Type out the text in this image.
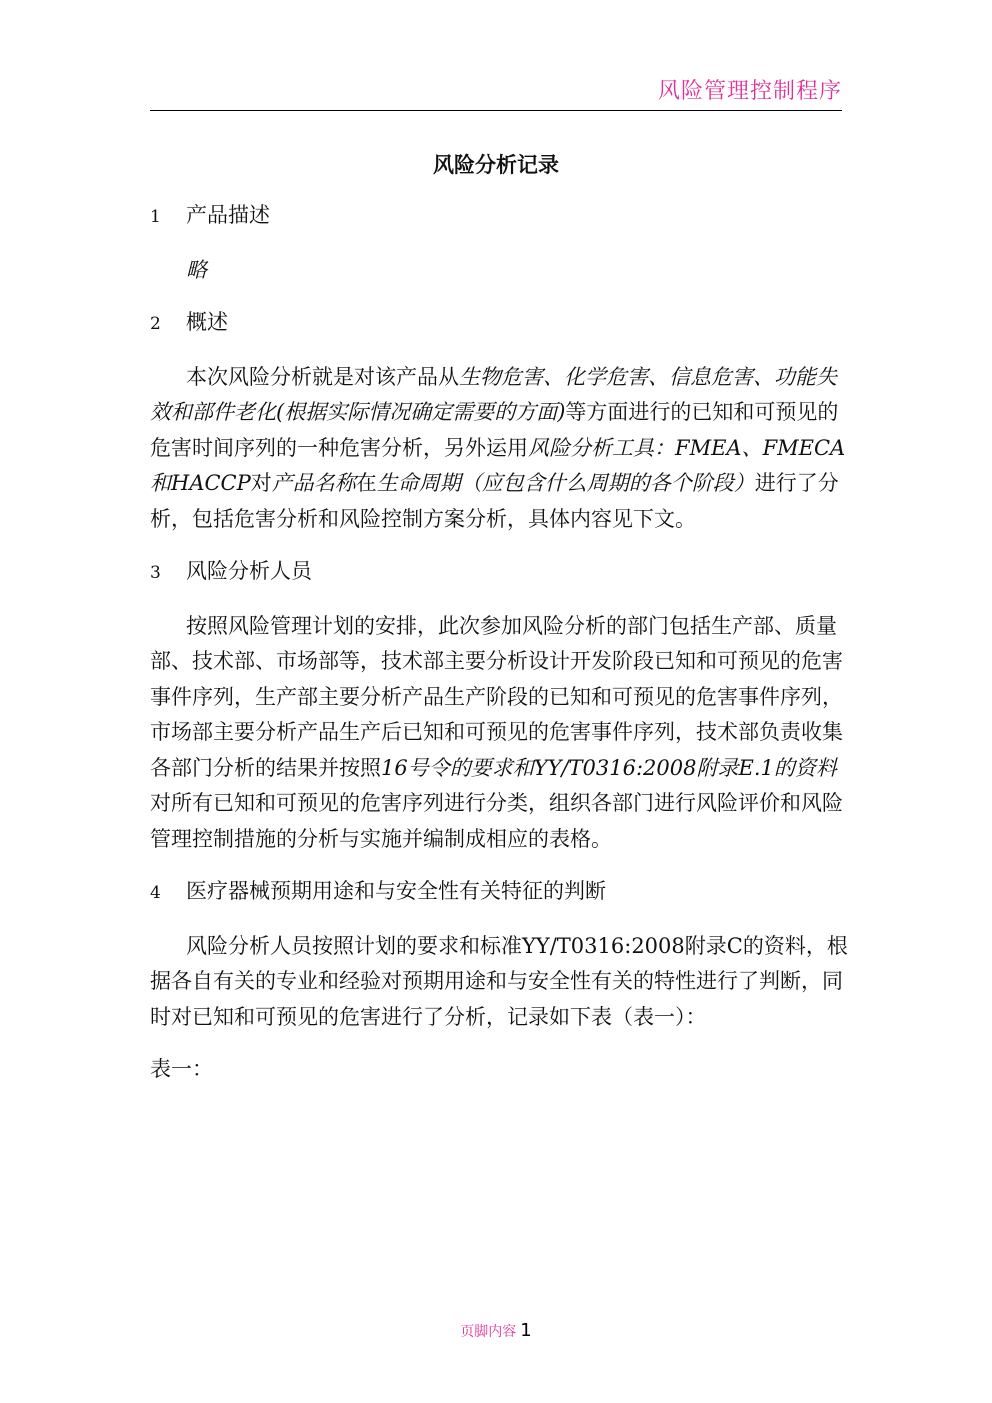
风险管理控制程序
风险分析记录
1 产品描述
略
2 概述

本次风险分析就是对该产品从生物危害、化学危害、信息危害、功能失效和部件老化(根据实际情况确定需要的方面)等方面进行的已知和可预见的危害时间序列的一种危害分析，另外运用风险分析工具：FMEA、FMECA和HACCP对产品名称在生命周期（应包含什么周期的各个阶段）进行了分析，包括危害分析和风险控制方案分析，具体内容见下文。

3 风险分析人员

按照风险管理计划的安排，此次参加风险分析的部门包括生产部、质量部、技术部、市场部等，技术部主要分析设计开发阶段已知和可预见的危害事件序列，生产部主要分析产品生产阶段的已知和可预见的危害事件序列，市场部主要分析产品生产后已知和可预见的危害事件序列，技术部负责收集各部门分析的结果并按照16号令的要求和YY/T0316:2008附录E.1的资料对所有已知和可预见的危害序列进行分类，组织各部门进行风险评价和风险管理控制措施的分析与实施并编制成相应的表格。

4 医疗器械预期用途和与安全性有关特征的判断

风险分析人员按照计划的要求和标准YY/T0316:2008附录C的资料，根据各自有关的专业和经验对预期用途和与安全性有关的特性进行了判断，同时对已知和可预见的危害进行了分析，记录如下表（表一）：

表一：
页脚内容 1
